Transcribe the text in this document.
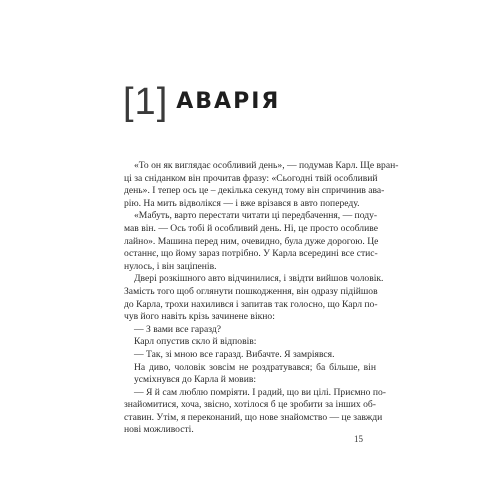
[1] АВАРІЯ
«То он як виглядає особливий день», — подумав Карл. Ще вран-
ці за сніданком він прочитав фразу: «Сьогодні твій особливий
день». І тепер ось це – декілька секунд тому він спричинив ава-
рію. На мить відволікся — і вже врізався в авто попереду.
«Мабуть, варто перестати читати ці передбачення, — поду-
мав він. — Ось тобі й особливий день. Ні, це просто особливе
лайно». Машина перед ним, очевидно, була дуже дорогою. Це
останнє, що йому зараз потрібно. У Карла всередині все стис-
нулось, і він заціпенів.
Двері розкішного авто відчинилися, і звідти вийшов чоловік.
Замість того щоб оглянути пошкодження, він одразу підійшов
до Карла, трохи нахилився і запитав так голосно, що Карл по-
чув його навіть крізь зачинене вікно:
— З вами все гаразд?
Карл опустив скло й відповів:
— Так, зі мною все гаразд. Вибачте. Я замріявся.
На диво, чоловік зовсім не роздратувався; ба більше, він
усміхнувся до Карла й мовив:
— Я й сам люблю помріяти. І радий, що ви цілі. Приємно по-
знайомитися, хоча, звісно, хотілося б це зробити за інших об-
ставин. Утім, я переконаний, що нове знайомство — це завжди
нові можливості.
15
